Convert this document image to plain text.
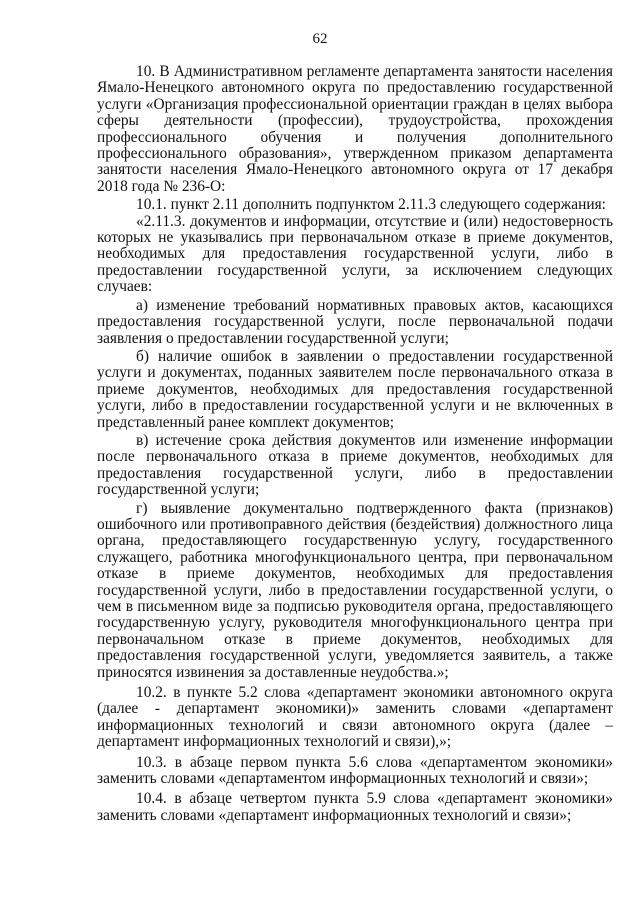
62

10. В Административном регламенте департамента занятости населения Ямало-Ненецкого автономного округа по предоставлению государственной услуги «Организация профессиональной ориентации граждан в целях выбора сферы деятельности (профессии), трудоустройства, прохождения профессионального обучения и получения дополнительного профессионального образования», утвержденном приказом департамента занятости населения Ямало-Ненецкого автономного округа от 17 декабря 2018 года № 236-О:

10.1. пункт 2.11 дополнить подпунктом 2.11.3 следующего содержания:

«2.11.3. документов и информации, отсутствие и (или) недостоверность которых не указывались при первоначальном отказе в приеме документов, необходимых для предоставления государственной услуги, либо в предоставлении государственной услуги, за исключением следующих случаев:

а) изменение требований нормативных правовых актов, касающихся предоставления государственной услуги, после первоначальной подачи заявления о предоставлении государственной услуги;

б) наличие ошибок в заявлении о предоставлении государственной услуги и документах, поданных заявителем после первоначального отказа в приеме документов, необходимых для предоставления государственной услуги, либо в предоставлении государственной услуги и не включенных в представленный ранее комплект документов;

в) истечение срока действия документов или изменение информации после первоначального отказа в приеме документов, необходимых для предоставления государственной услуги, либо в предоставлении государственной услуги;

г) выявление документально подтвержденного факта (признаков) ошибочного или противоправного действия (бездействия) должностного лица органа, предоставляющего государственную услугу, государственного служащего, работника многофункционального центра, при первоначальном отказе в приеме документов, необходимых для предоставления государственной услуги, либо в предоставлении государственной услуги, о чем в письменном виде за подписью руководителя органа, предоставляющего государственную услугу, руководителя многофункционального центра при первоначальном отказе в приеме документов, необходимых для предоставления государственной услуги, уведомляется заявитель, а также приносятся извинения за доставленные неудобства.»;

10.2. в пункте 5.2 слова «департамент экономики автономного округа (далее - департамент экономики)» заменить словами «департамент информационных технологий и связи автономного округа (далее – департамент информационных технологий и связи),»;

10.3. в абзаце первом пункта 5.6 слова «департаментом экономики» заменить словами «департаментом информационных технологий и связи»;

10.4. в абзаце четвертом пункта 5.9 слова «департамент экономики» заменить словами «департамент информационных технологий и связи»;
